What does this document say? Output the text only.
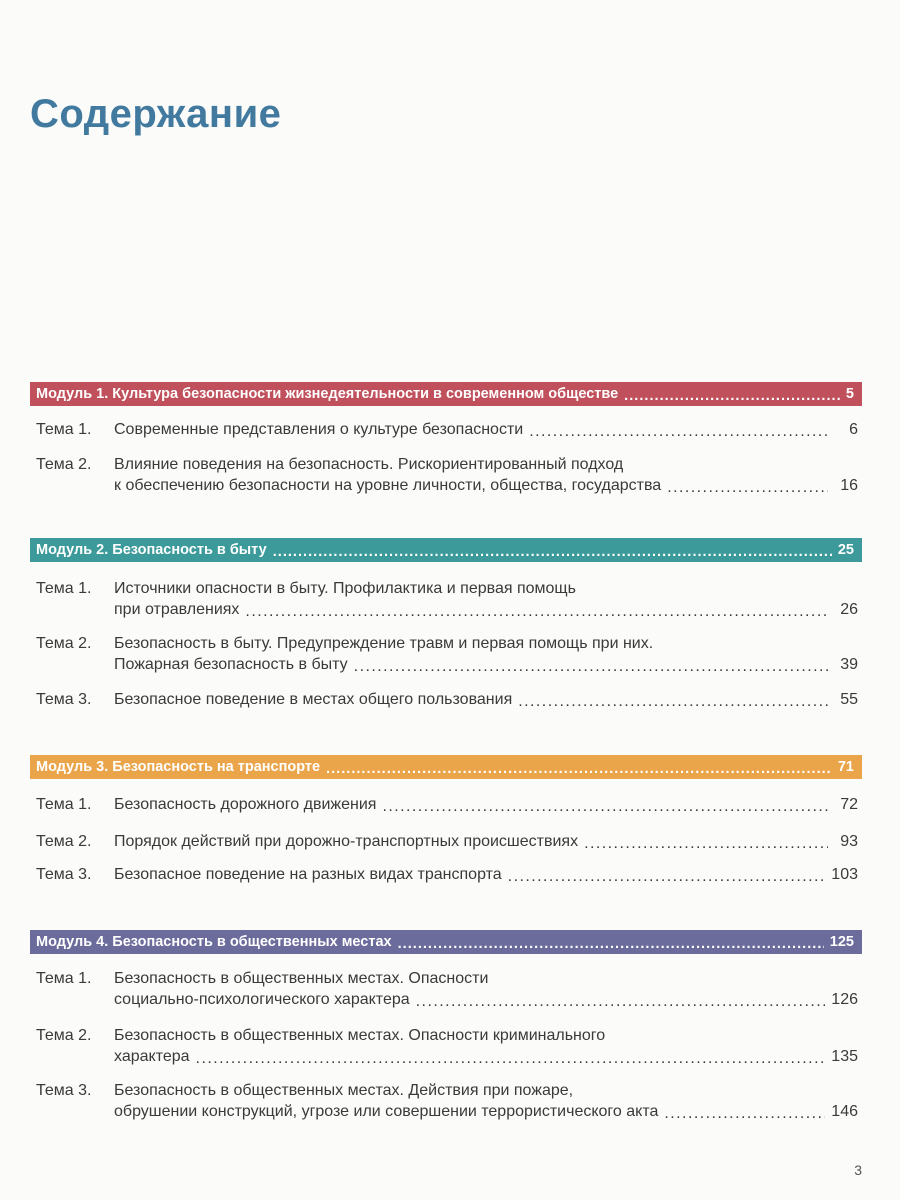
Содержание
Модуль 1. Культура безопасности жизнедеятельности в современном обществе . . .	5
Тема 1. Современные представления о культуре безопасности . . .	6
Тема 2. Влияние поведения на безопасность. Рискориентированный подход
к обеспечению безопасности на уровне личности, общества, государства . . .	16
Модуль 2. Безопасность в быту . . .	25
Тема 1. Источники опасности в быту. Профилактика и первая помощь
при отравлениях . . .	26
Тема 2. Безопасность в быту. Предупреждение травм и первая помощь при них.
Пожарная безопасность в быту . . .	39
Тема 3. Безопасное поведение в местах общего пользования . . .	55
Модуль 3. Безопасность на транспорте . . .	71
Тема 1. Безопасность дорожного движения . . .	72
Тема 2. Порядок действий при дорожно-транспортных происшествиях . . .	93
Тема 3. Безопасное поведение на разных видах транспорта . . .	103
Модуль 4. Безопасность в общественных местах . . .	125
Тема 1. Безопасность в общественных местах. Опасности
социально-психологического характера . . .	126
Тема 2. Безопасность в общественных местах. Опасности криминального
характера . . .	135
Тема 3. Безопасность в общественных местах. Действия при пожаре,
обрушении конструкций, угрозе или совершении террористического акта . . .	146
3
